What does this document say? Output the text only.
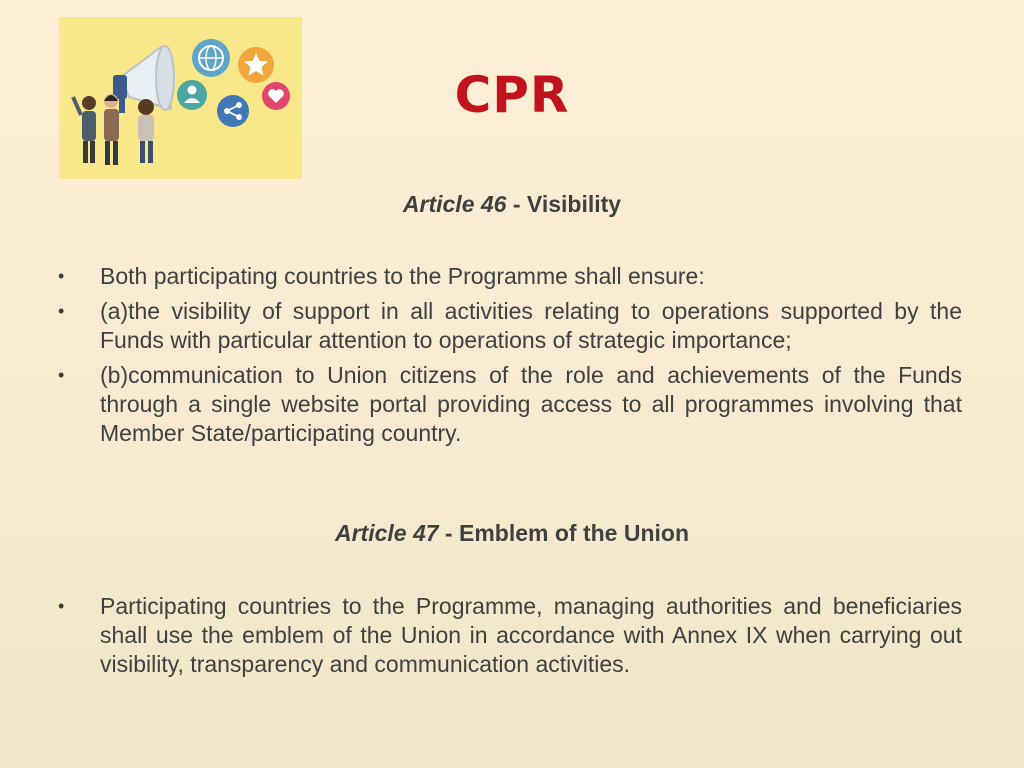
CPR
Article 46 - Visibility
• Both participating countries to the Programme shall ensure:
• (a)the visibility of support in all activities relating to operations supported by the Funds with particular attention to operations of strategic importance;
• (b)communication to Union citizens of the role and achievements of the Funds through a single website portal providing access to all programmes involving that Member State/participating country.
Article 47 - Emblem of the Union
• Participating countries to the Programme, managing authorities and beneficiaries shall use the emblem of the Union in accordance with Annex IX when carrying out visibility, transparency and communication activities.
